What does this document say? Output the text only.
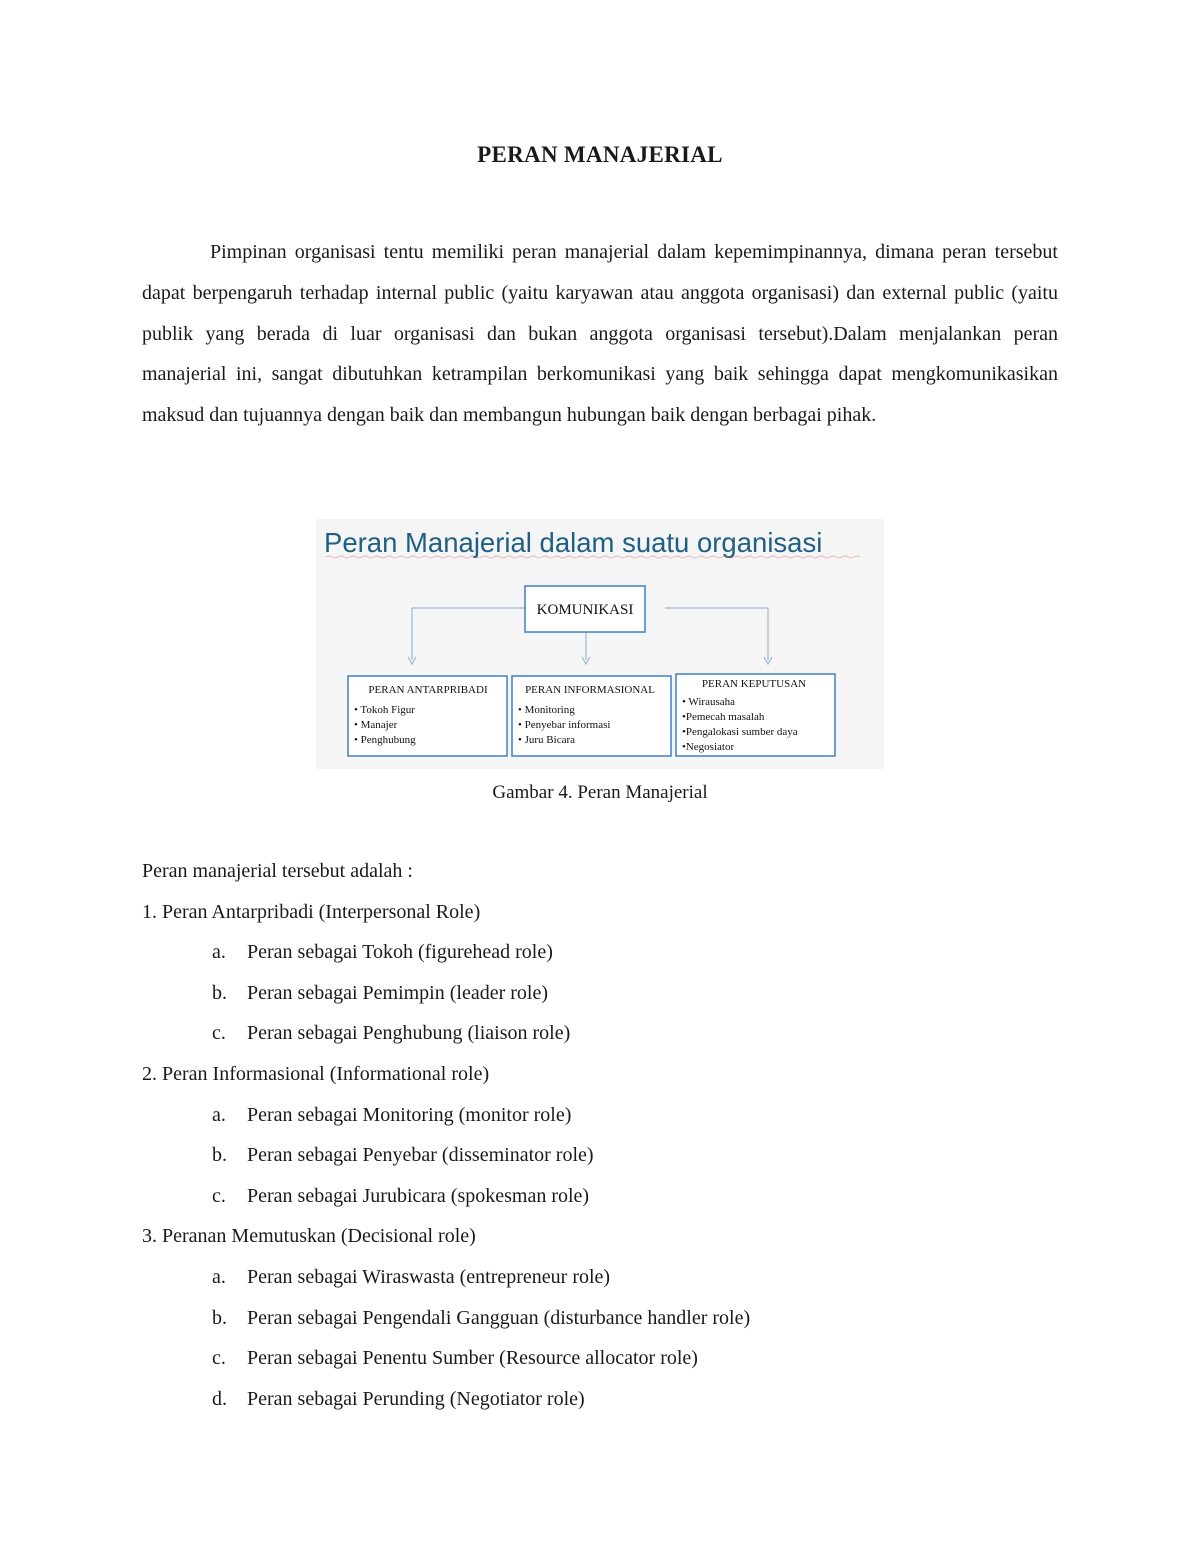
PERAN MANAJERIAL

Pimpinan organisasi tentu memiliki peran manajerial dalam kepemimpinannya, dimana peran tersebut dapat berpengaruh terhadap internal public (yaitu karyawan atau anggota organisasi) dan external public (yaitu publik yang berada di luar organisasi dan bukan anggota organisasi tersebut).Dalam menjalankan peran manajerial ini, sangat dibutuhkan ketrampilan berkomunikasi yang baik sehingga dapat mengkomunikasikan maksud dan tujuannya dengan baik dan membangun hubungan baik dengan berbagai pihak.

Peran Manajerial dalam suatu organisasi
KOMUNIKASI
PERAN ANTARPRIBADI
• Tokoh Figur
• Manajer
• Penghubung
PERAN INFORMASIONAL
• Monitoring
• Penyebar informasi
• Juru Bicara
PERAN KEPUTUSAN
• Wirausaha
•Pemecah masalah
•Pengalokasi sumber daya
•Negosiator
Gambar 4. Peran Manajerial
Peran manajerial tersebut adalah :
1. Peran Antarpribadi (Interpersonal Role)
a. Peran sebagai Tokoh (figurehead role)
b. Peran sebagai Pemimpin (leader role)
c. Peran sebagai Penghubung (liaison role)
2. Peran Informasional (Informational role)
a. Peran sebagai Monitoring (monitor role)
b. Peran sebagai Penyebar (disseminator role)
c. Peran sebagai Jurubicara (spokesman role)
3. Peranan Memutuskan (Decisional role)
a. Peran sebagai Wiraswasta (entrepreneur role)
b. Peran sebagai Pengendali Gangguan (disturbance handler role)
c. Peran sebagai Penentu Sumber (Resource allocator role)
d. Peran sebagai Perunding (Negotiator role)
